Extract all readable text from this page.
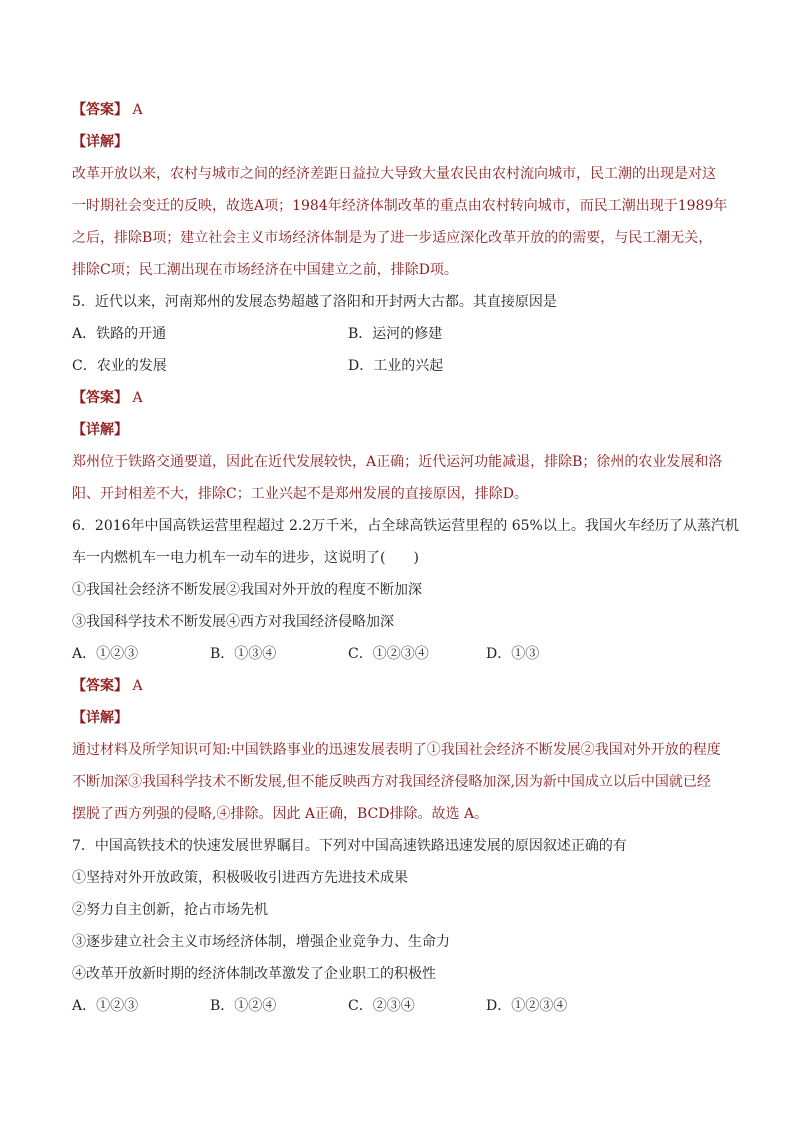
【答案】 A
【详解】
改革开放以来，农村与城市之间的经济差距日益拉大导致大量农民由农村流向城市，民工潮的出现是对这
一时期社会变迁的反映，故选A项；1984年经济体制改革的重点由农村转向城市，而民工潮出现于1989年
之后，排除B项；建立社会主义市场经济体制是为了进一步适应深化改革开放的的需要，与民工潮无关，
排除C项；民工潮出现在市场经济在中国建立之前，排除D项。
5．近代以来，河南郑州的发展态势超越了洛阳和开封两大古都。其直接原因是
A．铁路的开通	B．运河的修建
C．农业的发展	D．工业的兴起
【答案】 A
【详解】
郑州位于铁路交通要道，因此在近代发展较快，A正确；近代运河功能减退，排除B；徐州的农业发展和洛
阳、开封相差不大，排除C；工业兴起不是郑州发展的直接原因，排除D。
6．2016年中国高铁运营里程超过 2.2万千米，占全球高铁运营里程的 65%以上。我国火车经历了从蒸汽机
车一内燃机车一电力机车一动车的进步，这说明了(　　)
①我国社会经济不断发展②我国对外开放的程度不断加深
③我国科学技术不断发展④西方对我国经济侵略加深
A．①②③	B．①③④	C．①②③④	D．①③
【答案】 A
【详解】
通过材料及所学知识可知:中国铁路事业的迅速发展表明了①我国社会经济不断发展②我国对外开放的程度
不断加深③我国科学技术不断发展,但不能反映西方对我国经济侵略加深,因为新中国成立以后中国就已经
摆脱了西方列强的侵略,④排除。因此 A正确，BCD排除。故选 A。
7．中国高铁技术的快速发展世界瞩目。下列对中国高速铁路迅速发展的原因叙述正确的有
①坚持对外开放政策，积极吸收引进西方先进技术成果
②努力自主创新，抢占市场先机
③逐步建立社会主义市场经济体制，增强企业竞争力、生命力
④改革开放新时期的经济体制改革激发了企业职工的积极性
A．①②③	B．①②④	C．②③④	D．①②③④
